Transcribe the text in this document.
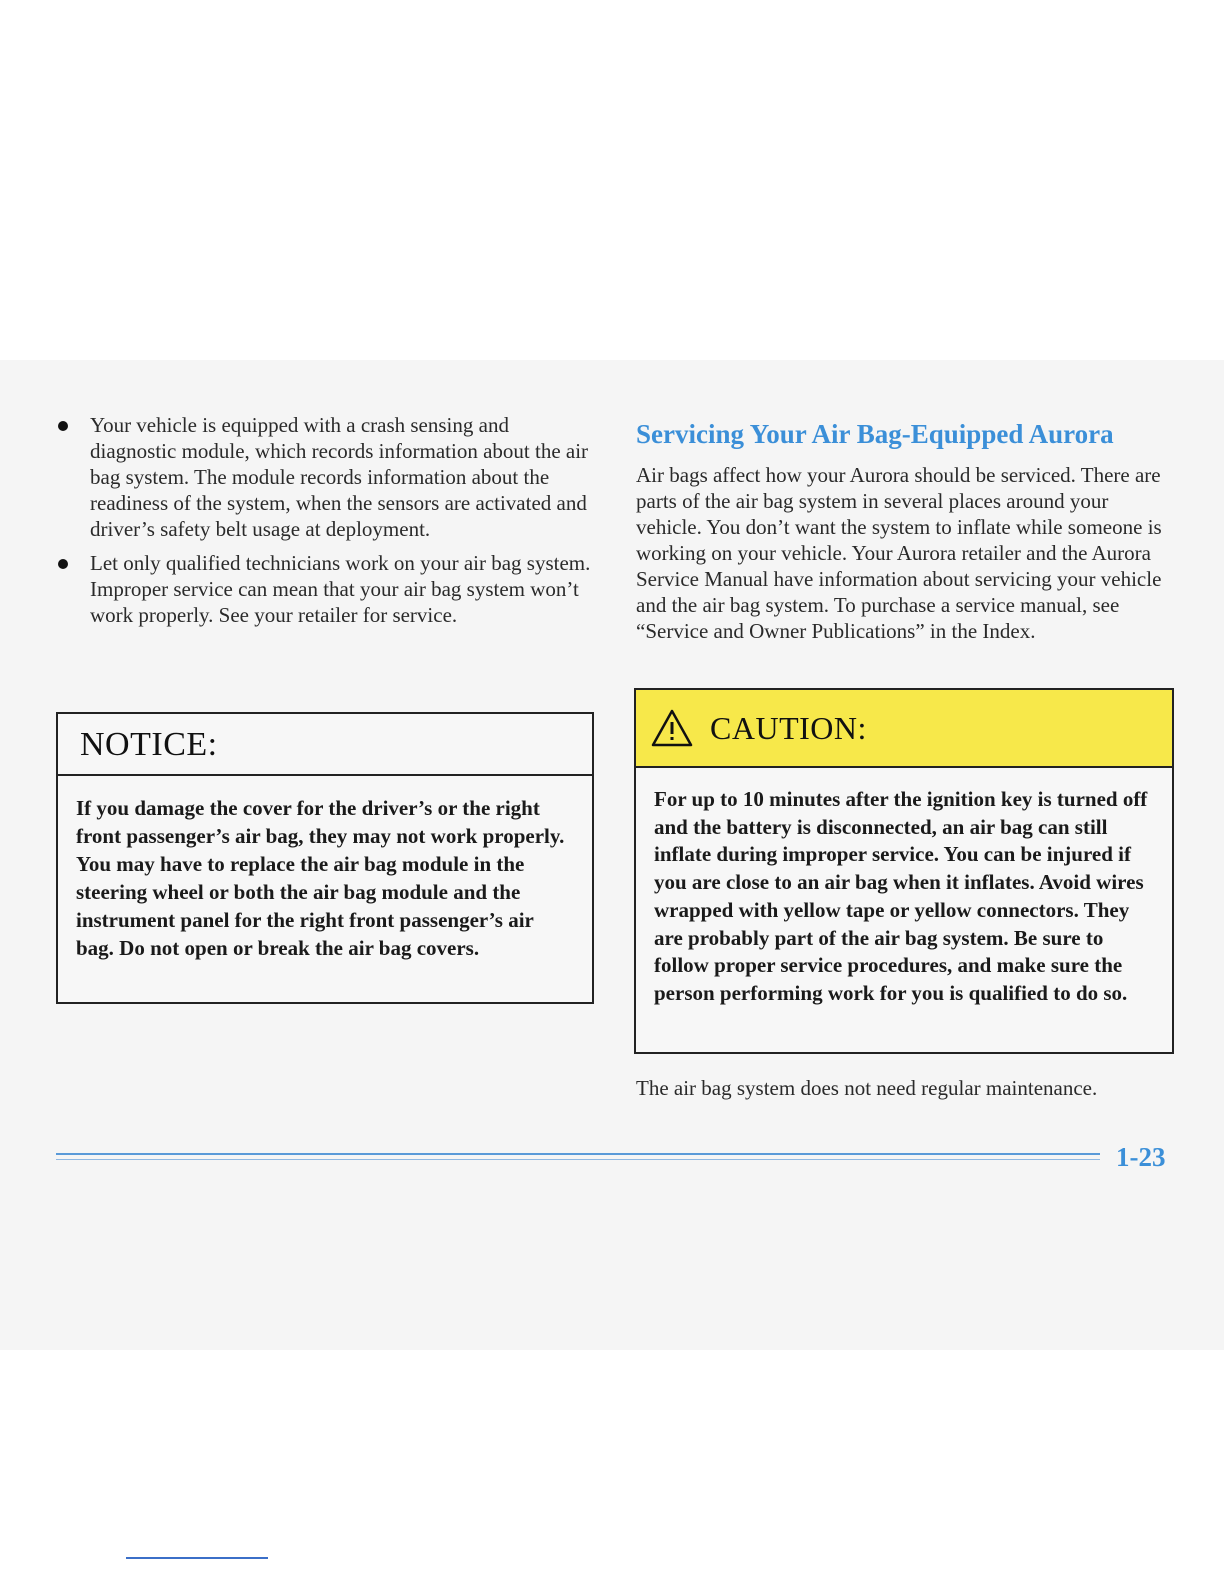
Your vehicle is equipped with a crash sensing and diagnostic module, which records information about the air bag system. The module records information about the readiness of the system, when the sensors are activated and driver’s safety belt usage at deployment.
Let only qualified technicians work on your air bag system. Improper service can mean that your air bag system won’t work properly. See your retailer for service.
NOTICE:
If you damage the cover for the driver’s or the right front passenger’s air bag, they may not work properly. You may have to replace the air bag module in the steering wheel or both the air bag module and the instrument panel for the right front passenger’s air bag. Do not open or break the air bag covers.
Servicing Your Air Bag-Equipped Aurora

Air bags affect how your Aurora should be serviced. There are parts of the air bag system in several places around your vehicle. You don’t want the system to inflate while someone is working on your vehicle. Your Aurora retailer and the Aurora Service Manual have information about servicing your vehicle and the air bag system. To purchase a service manual, see “Service and Owner Publications” in the Index.

CAUTION:
For up to 10 minutes after the ignition key is turned off and the battery is disconnected, an air bag can still inflate during improper service. You can be injured if you are close to an air bag when it inflates. Avoid wires wrapped with yellow tape or yellow connectors. They are probably part of the air bag system. Be sure to follow proper service procedures, and make sure the person performing work for you is qualified to do so.
The air bag system does not need regular maintenance.
1-23
